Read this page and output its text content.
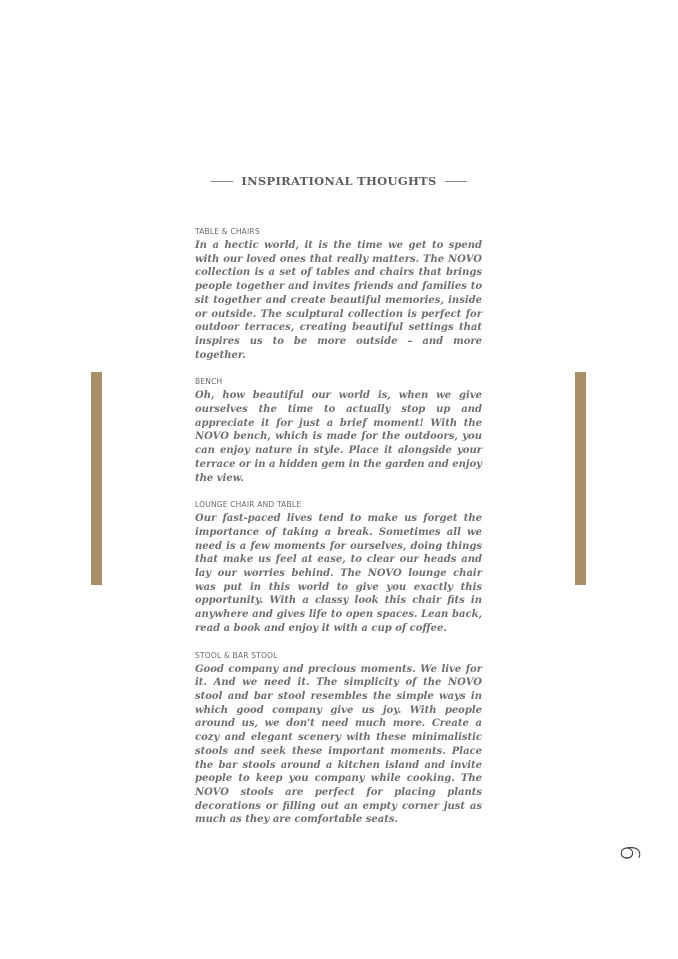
INSPIRATIONAL THOUGHTS
TABLE & CHAIRS

In a hectic world, it is the time we get to spend with our loved ones that really matters. The NOVO collection is a set of tables and chairs that brings people together and invites friends and families to sit together and create beautiful memories, inside or outside. The sculptural collection is perfect for outdoor terraces, creating beautiful settings that inspires us to be more outside – and more together.

BENCH

Oh, how beautiful our world is, when we give ourselves the time to actually stop up and appreciate it for just a brief moment! With the NOVO bench, which is made for the outdoors, you can enjoy nature in style. Place it alongside your terrace or in a hidden gem in the garden and enjoy the view.

LOUNGE CHAIR AND TABLE

Our fast-paced lives tend to make us forget the importance of taking a break. Sometimes all we need is a few moments for ourselves, doing things that make us feel at ease, to clear our heads and lay our worries behind. The NOVO lounge chair was put in this world to give you exactly this opportunity. With a classy look this chair fits in anywhere and gives life to open spaces. Lean back, read a book and enjoy it with a cup of coffee.

STOOL & BAR STOOL

Good company and precious moments. We live for it. And we need it. The simplicity of the NOVO stool and bar stool resembles the simple ways in which good company give us joy. With people around us, we don't need much more. Create a cozy and elegant scenery with these minimalistic stools and seek these important moments. Place the bar stools around a kitchen island and invite people to keep you company while cooking. The NOVO stools are perfect for placing plants decorations or filling out an empty corner just as much as they are comfortable seats.

9
